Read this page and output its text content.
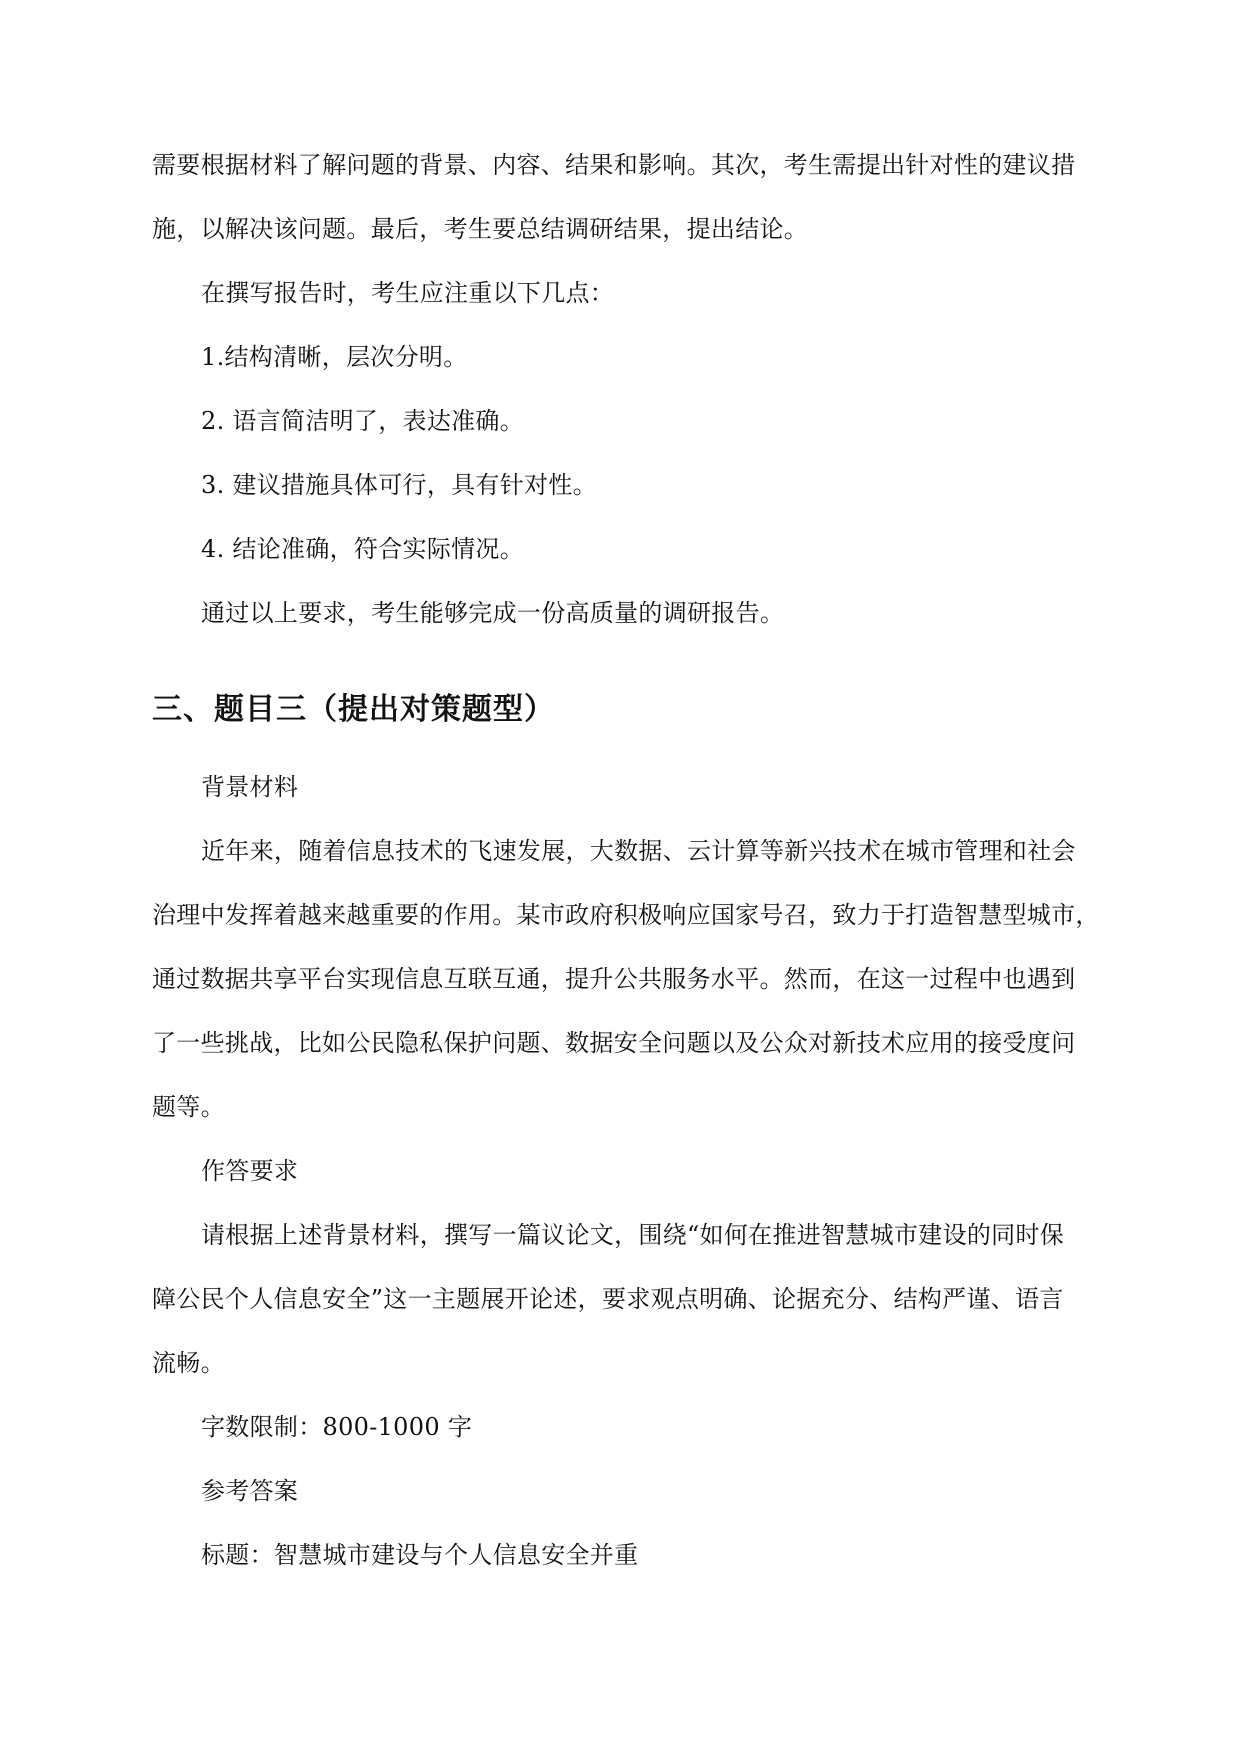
需要根据材料了解问题的背景、内容、结果和影响。其次，考生需提出针对性的建议措
施，以解决该问题。最后，考生要总结调研结果，提出结论。
在撰写报告时，考生应注重以下几点：
1.结构清晰，层次分明。
2. 语言简洁明了，表达准确。
3. 建议措施具体可行，具有针对性。
4. 结论准确，符合实际情况。
通过以上要求，考生能够完成一份高质量的调研报告。
三、题目三（提出对策题型）
背景材料
近年来，随着信息技术的飞速发展，大数据、云计算等新兴技术在城市管理和社会
治理中发挥着越来越重要的作用。某市政府积极响应国家号召，致力于打造智慧型城市，
通过数据共享平台实现信息互联互通，提升公共服务水平。然而，在这一过程中也遇到
了一些挑战，比如公民隐私保护问题、数据安全问题以及公众对新技术应用的接受度问
题等。
作答要求
请根据上述背景材料，撰写一篇议论文，围绕“如何在推进智慧城市建设的同时保
障公民个人信息安全”这一主题展开论述，要求观点明确、论据充分、结构严谨、语言
流畅。
字数限制：800-1000 字
参考答案
标题：智慧城市建设与个人信息安全并重
